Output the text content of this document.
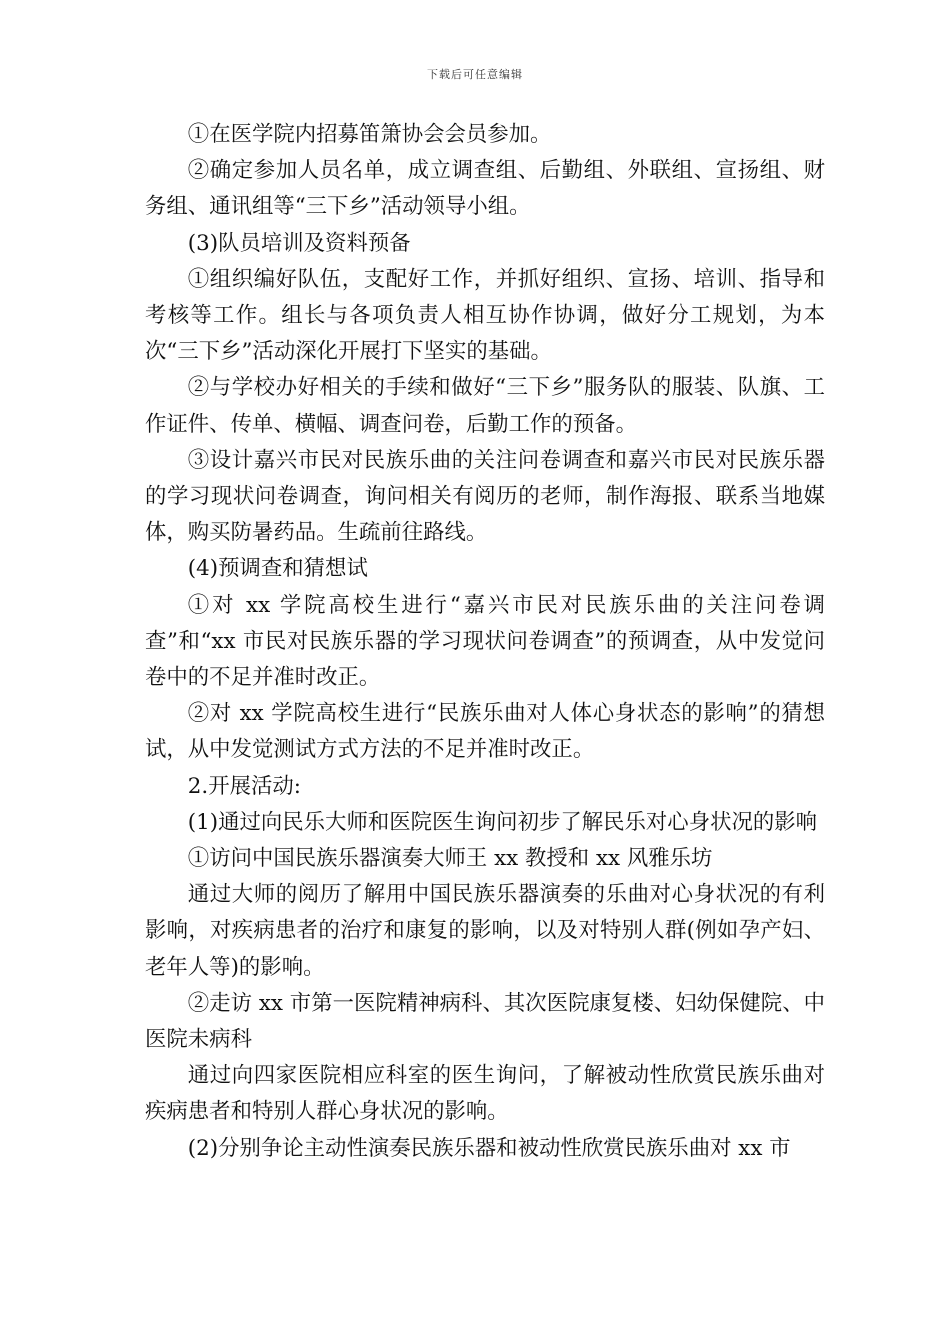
下载后可任意编辑

①在医学院内招募笛箫协会会员参加。

②确定参加人员名单，成立调查组、后勤组、外联组、宣扬组、财务组、通讯组等“三下乡”活动领导小组。

(3)队员培训及资料预备

①组织编好队伍，支配好工作，并抓好组织、宣扬、培训、指导和考核等工作。组长与各项负责人相互协作协调，做好分工规划，为本次“三下乡”活动深化开展打下坚实的基础。

②与学校办好相关的手续和做好“三下乡”服务队的服装、队旗、工作证件、传单、横幅、调查问卷，后勤工作的预备。

③设计嘉兴市民对民族乐曲的关注问卷调查和嘉兴市民对民族乐器的学习现状问卷调查，询问相关有阅历的老师，制作海报、联系当地媒体，购买防暑药品。生疏前往路线。

(4)预调查和猜想试

①对 xx 学院高校生进行“嘉兴市民对民族乐曲的关注问卷调查”和“xx 市民对民族乐器的学习现状问卷调查”的预调查，从中发觉问卷中的不足并准时改正。

②对 xx 学院高校生进行“民族乐曲对人体心身状态的影响”的猜想试，从中发觉测试方式方法的不足并准时改正。

2.开展活动:

(1)通过向民乐大师和医院医生询问初步了解民乐对心身状况的影响

①访问中国民族乐器演奏大师王 xx 教授和 xx 风雅乐坊

通过大师的阅历了解用中国民族乐器演奏的乐曲对心身状况的有利影响，对疾病患者的治疗和康复的影响，以及对特别人群(例如孕产妇、老年人等)的影响。

②走访 xx 市第一医院精神病科、其次医院康复楼、妇幼保健院、中医院未病科

通过向四家医院相应科室的医生询问，了解被动性欣赏民族乐曲对疾病患者和特别人群心身状况的影响。

(2)分别争论主动性演奏民族乐器和被动性欣赏民族乐曲对 xx 市
